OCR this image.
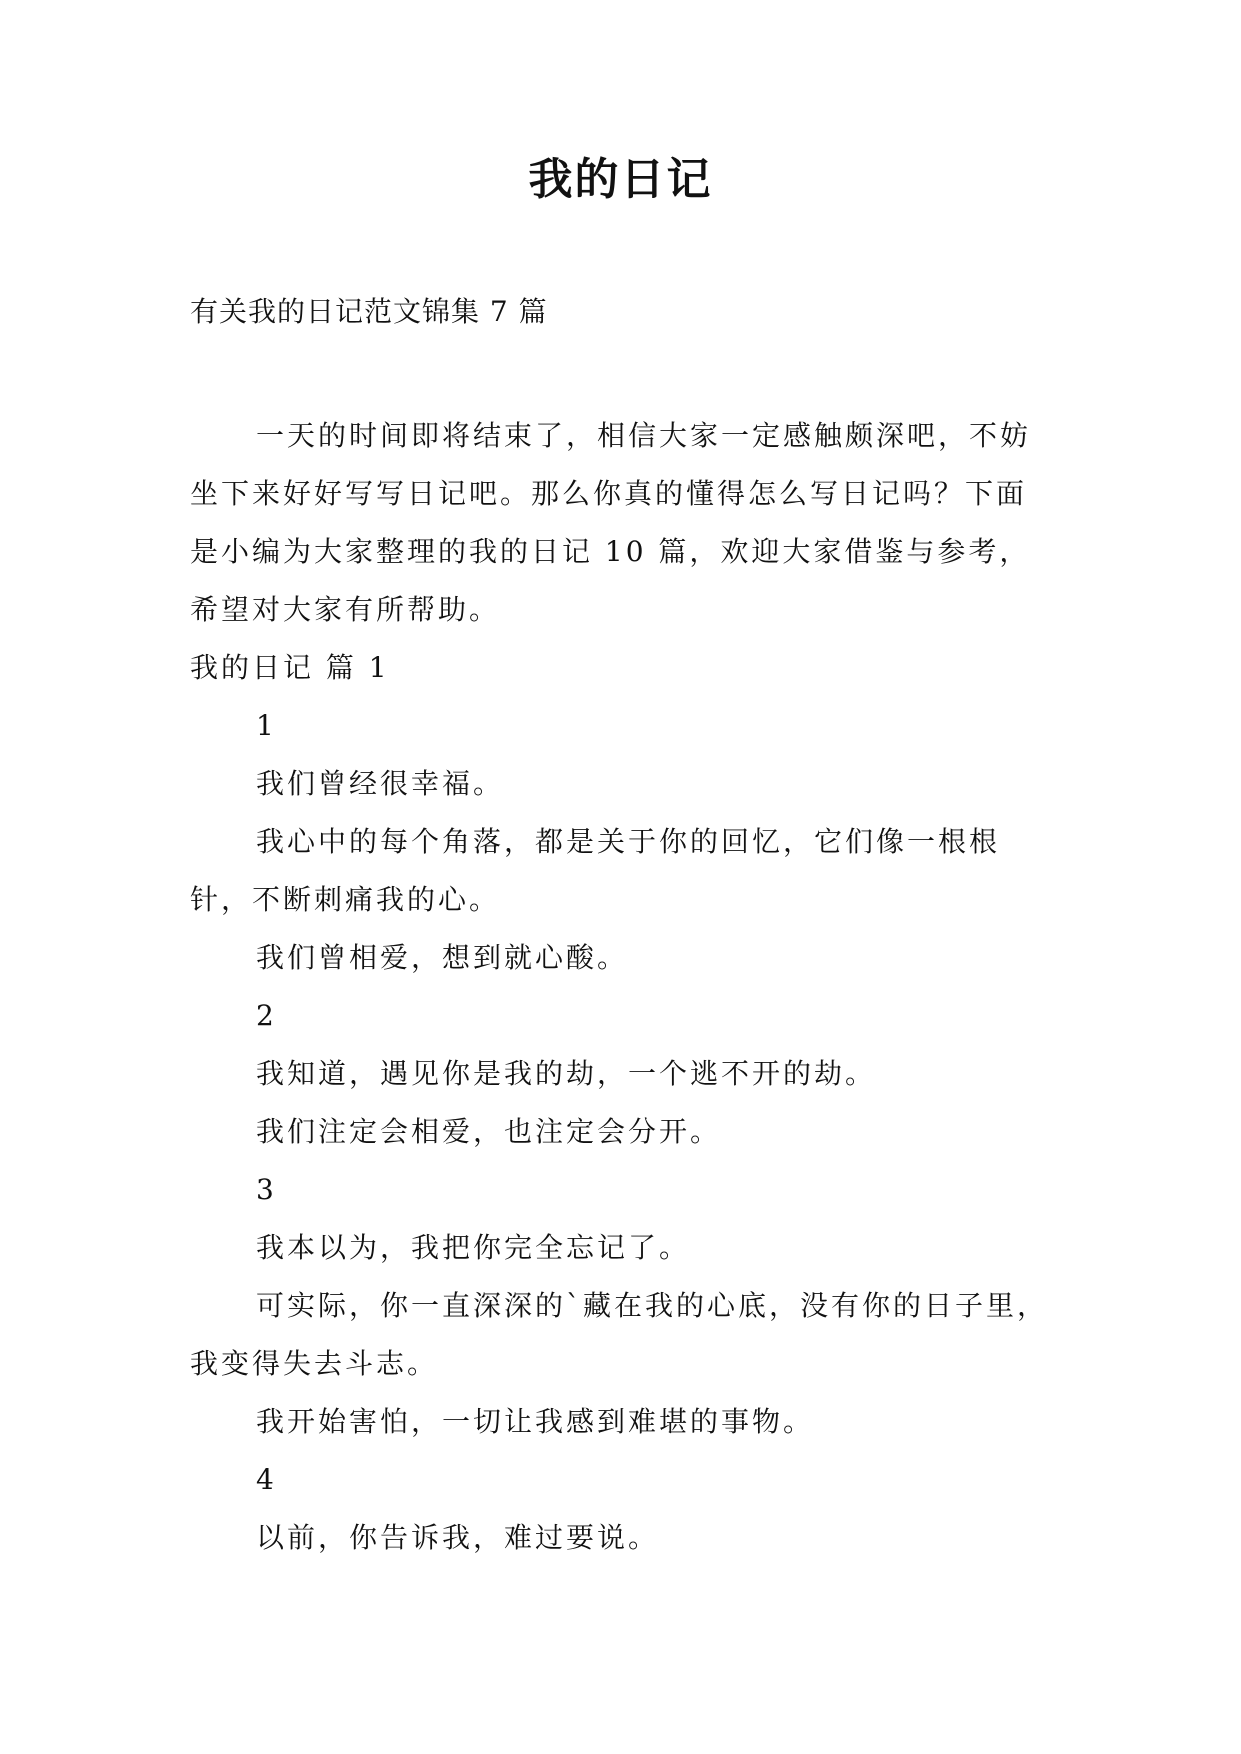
我的日记
有关我的日记范文锦集 7 篇

一天的时间即将结束了，相信大家一定感触颇深吧，不妨坐下来好好写写日记吧。那么你真的懂得怎么写日记吗？下面是小编为大家整理的我的日记 10 篇，欢迎大家借鉴与参考，希望对大家有所帮助。

我的日记 篇 1

1

我们曾经很幸福。

我心中的每个角落，都是关于你的回忆，它们像一根根针，不断刺痛我的心。

我们曾相爱，想到就心酸。

2

我知道，遇见你是我的劫，一个逃不开的劫。

我们注定会相爱，也注定会分开。

3

我本以为，我把你完全忘记了。

可实际，你一直深深的`藏在我的心底，没有你的日子里，我变得失去斗志。

我开始害怕，一切让我感到难堪的事物。

4

以前，你告诉我，难过要说。
